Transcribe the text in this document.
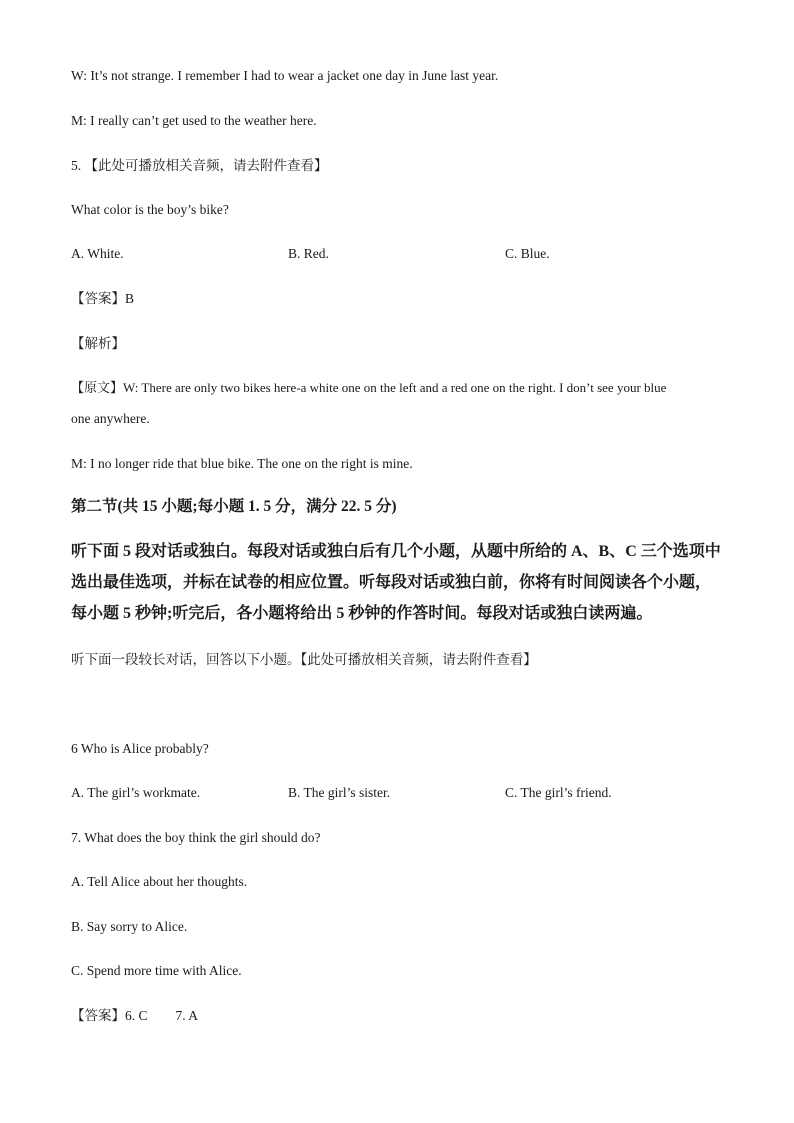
W: It’s not strange. I remember I had to wear a jacket one day in June last year.
M: I really can’t get used to the weather here.
5. 【此处可播放相关音频，请去附件查看】
What color is the boy’s bike?
A. White.	B. Red.	C. Blue.
【答案】B
【解析】
【原文】W: There are only two bikes here-a white one on the left and a red one on the right. I don’t see your blue
one anywhere.
M: I no longer ride that blue bike. The one on the right is mine.
第二节(共 15 小题;每小题 1. 5 分，满分 22. 5 分)
听下面 5 段对话或独白。每段对话或独白后有几个小题，从题中所给的 A、B、C 三个选项中
选出最佳选项，并标在试卷的相应位置。听每段对话或独白前，你将有时间阅读各个小题，
每小题 5 秒钟;听完后，各小题将给出 5 秒钟的作答时间。每段对话或独白读两遍。
听下面一段较长对话，回答以下小题。【此处可播放相关音频，请去附件查看】
6 Who is Alice probably?
A. The girl’s workmate.	B. The girl’s sister.	C. The girl’s friend.
7. What does the boy think the girl should do?
A. Tell Alice about her thoughts.
B. Say sorry to Alice.
C. Spend more time with Alice.
【答案】6. C 7. A
